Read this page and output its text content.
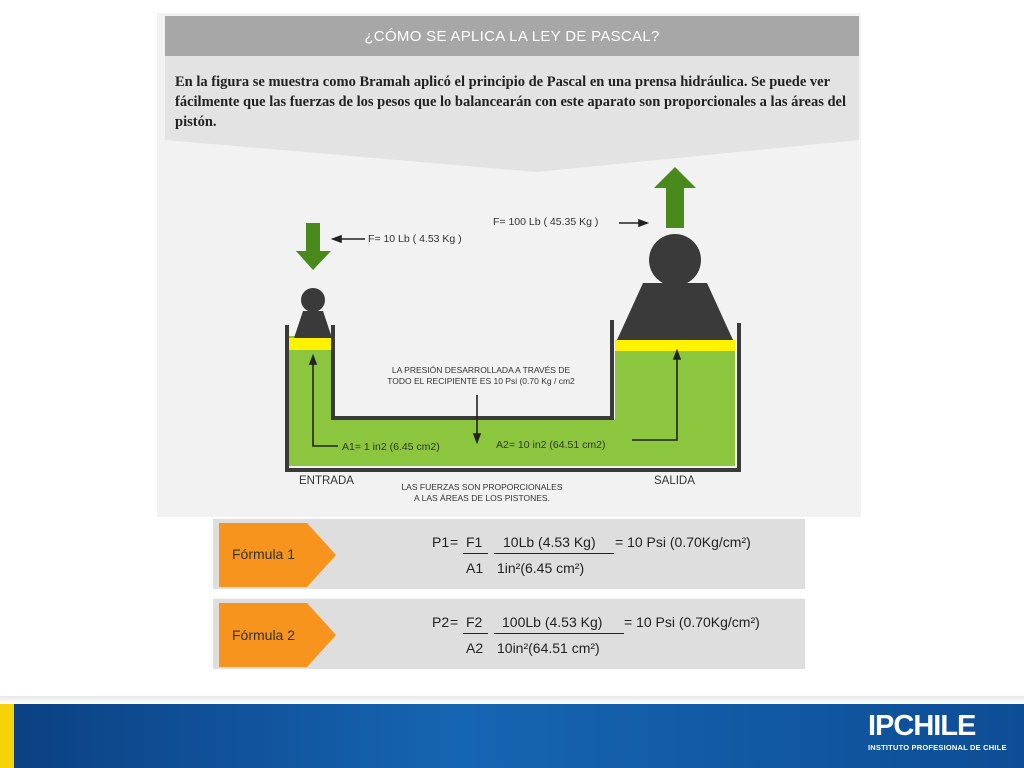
¿CÓMO SE APLICA LA LEY DE PASCAL?
En la figura se muestra como Bramah aplicó el principio de Pascal en una prensa hidráulica. Se puede ver fácilmente que las fuerzas de los pesos que lo balancearán con este aparato son proporcionales a las áreas del pistón.
F= 10 Lb ( 4.53 Kg )
F= 100 Lb ( 45.35 Kg )
LA PRESIÓN DESARROLLADA A TRAVÉS DE
TODO EL RECIPIENTE ES 10 Psi (0.70 Kg / cm2
A1= 1 in2 (6.45 cm2)	A2= 10 in2 (64.51 cm2)
ENTRADA	SALIDA
LAS FUERZAS SON PROPORCIONALES
A LAS ÁREAS DE LOS PISTONES.
Fórmula 1
P1 = F1
A1
10Lb (4.53 Kg) = 10 Psi (0.70Kg/cm²)
1in²(6.45 cm²)
Fórmula 2
P2 = F2
A2
100Lb (4.53 Kg) = 10 Psi (0.70Kg/cm²)
10in²(64.51 cm²)
IPCHILE
INSTITUTO PROFESIONAL DE CHILE
